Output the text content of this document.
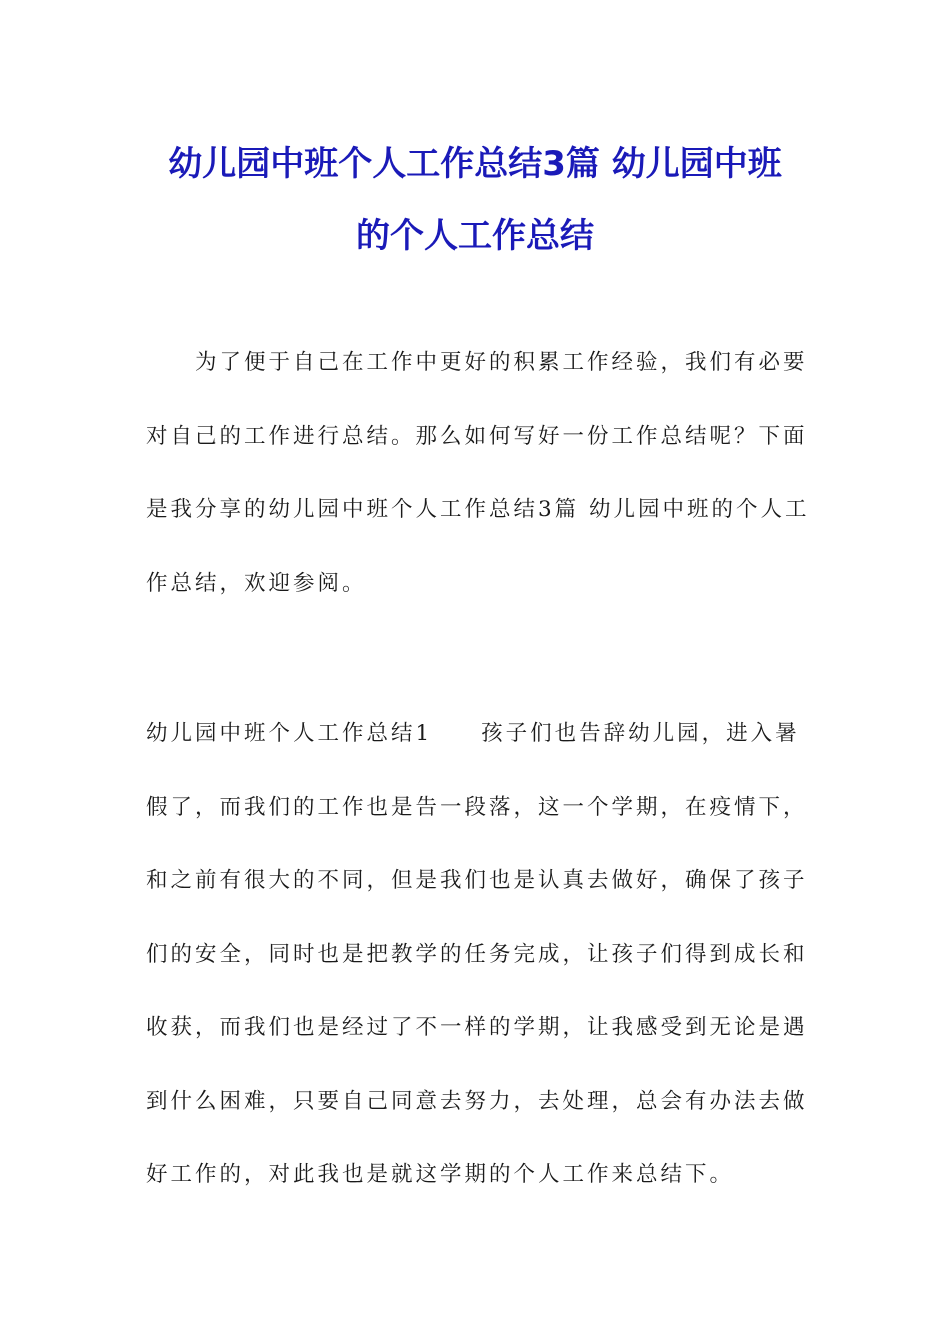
幼儿园中班个人工作总结3篇 幼儿园中班
的个人工作总结
　　为了便于自己在工作中更好的积累工作经验，我们有必要
对自己的工作进行总结。那么如何写好一份工作总结呢？下面
是我分享的幼儿园中班个人工作总结3篇 幼儿园中班的个人工
作总结，欢迎参阅。
幼儿园中班个人工作总结1　　孩子们也告辞幼儿园，进入暑
假了，而我们的工作也是告一段落，这一个学期，在疫情下，
和之前有很大的不同，但是我们也是认真去做好，确保了孩子
们的安全，同时也是把教学的任务完成，让孩子们得到成长和
收获，而我们也是经过了不一样的学期，让我感受到无论是遇
到什么困难，只要自己同意去努力，去处理，总会有办法去做
好工作的，对此我也是就这学期的个人工作来总结下。
